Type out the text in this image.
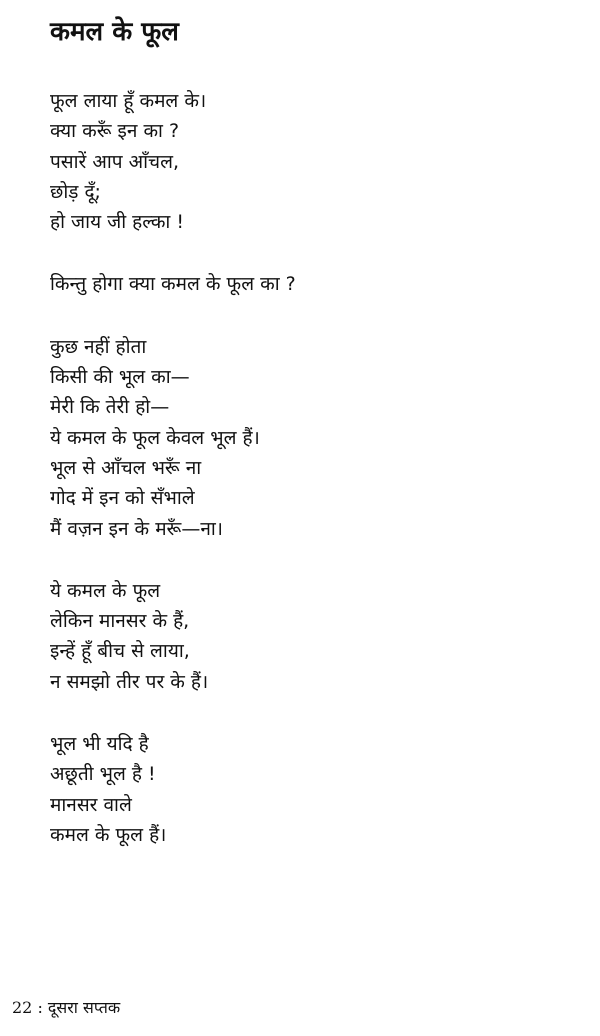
कमल के फूल
फूल लाया हूँ कमल के।
क्या करूँ इन का ?
पसारें आप आँचल,
छोड़ दूँ;
हो जाय जी हल्का !
किन्तु होगा क्या कमल के फूल का ?
कुछ नहीं होता
किसी की भूल का—
मेरी कि तेरी हो—
ये कमल के फूल केवल भूल हैं।
भूल से आँचल भरूँ ना
गोद में इन को सँभाले
मैं वज़न इन के मरूँ—ना।
ये कमल के फूल
लेकिन मानसर के हैं,
इन्हें हूँ बीच से लाया,
न समझो तीर पर के हैं।
भूल भी यदि है
अछूती भूल है !
मानसर वाले
कमल के फूल हैं।
22 : दूसरा सप्तक
